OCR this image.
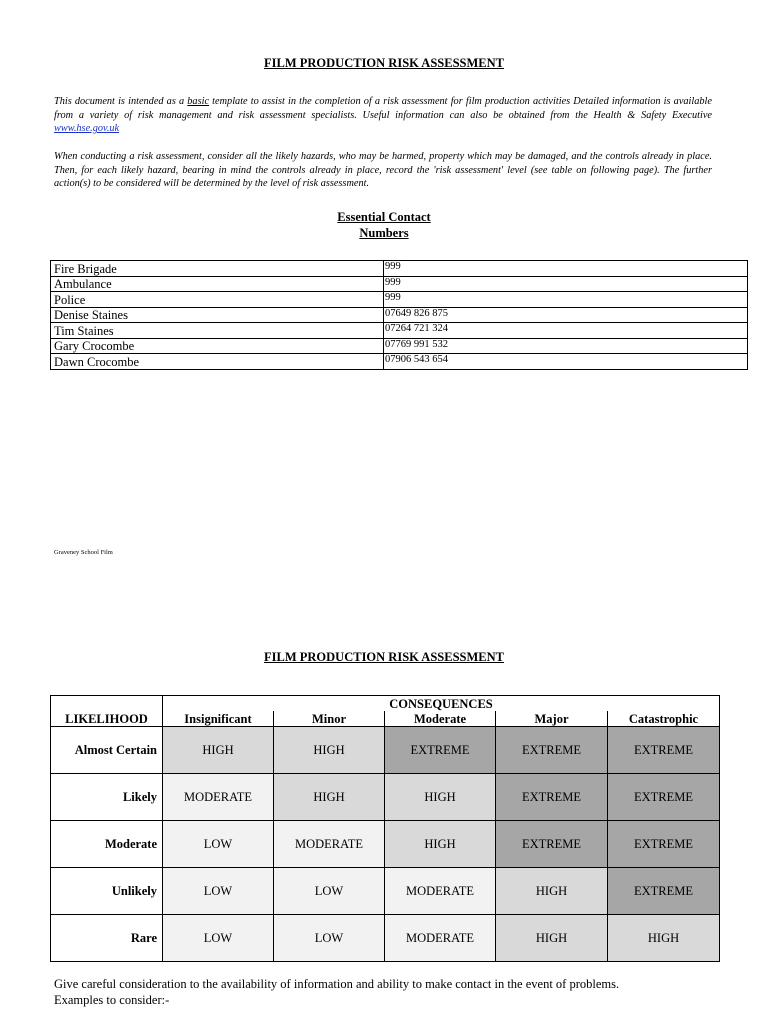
FILM PRODUCTION RISK ASSESSMENT

This document is intended as a basic template to assist in the completion of a risk assessment for film production activities Detailed information is available from a variety of risk management and risk assessment specialists. Useful information can also be obtained from the Health & Safety Executive www.hse.gov.uk

When conducting a risk assessment, consider all the likely hazards, who may be harmed, property which may be damaged, and the controls already in place. Then, for each likely hazard, bearing in mind the controls already in place, record the 'risk assessment' level (see table on following page). The further action(s) to be considered will be determined by the level of risk assessment.

Essential Contact
Numbers
Fire Brigade	999
Ambulance	999
Police	999
Denise Staines	07649 826 875
Tim Staines	07264 721 324
Gary Crocombe	07769 991 532
Dawn Crocombe	07906 543 654
Graveney School Film
FILM PRODUCTION RISK ASSESSMENT
LIKELIHOOD	CONSEQUENCES				
	Insignificant	Minor	Moderate	Major	Catastrophic
Almost Certain	HIGH	HIGH	EXTREME	EXTREME	EXTREME
Likely	MODERATE	HIGH	HIGH	EXTREME	EXTREME
Moderate	LOW	MODERATE	HIGH	EXTREME	EXTREME
Unlikely	LOW	LOW	MODERATE	HIGH	EXTREME
Rare	LOW	LOW	MODERATE	HIGH	HIGH
Give careful consideration to the availability of information and ability to make contact in the event of problems.
Examples to consider:-
